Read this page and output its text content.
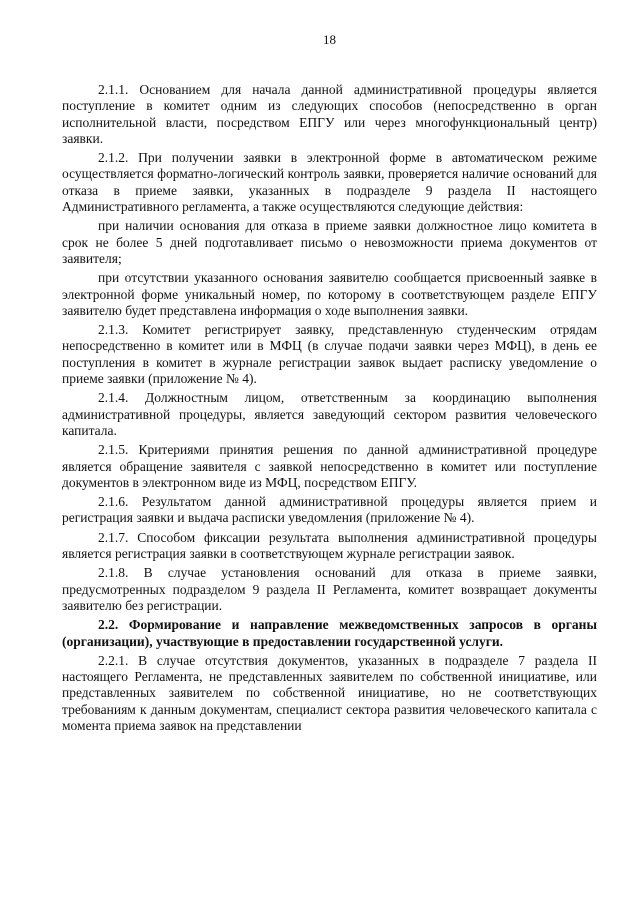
18

2.1.1. Основанием для начала данной административной процедуры является поступление в комитет одним из следующих способов (непосредственно в орган исполнительной власти, посредством ЕПГУ или через многофункциональный центр) заявки.

2.1.2. При получении заявки в электронной форме в автоматическом режиме осуществляется форматно-логический контроль заявки, проверяется наличие оснований для отказа в приеме заявки, указанных в подразделе 9 раздела II настоящего Административного регламента, а также осуществляются следующие действия:

при наличии основания для отказа в приеме заявки должностное лицо комитета в срок не более 5 дней подготавливает письмо о невозможности приема документов от заявителя;

при отсутствии указанного основания заявителю сообщается присвоенный заявке в электронной форме уникальный номер, по которому в соответствующем разделе ЕПГУ заявителю будет представлена информация о ходе выполнения заявки.

2.1.3. Комитет регистрирует заявку, представленную студенческим отрядам непосредственно в комитет или в МФЦ (в случае подачи заявки через МФЦ), в день ее поступления в комитет в журнале регистрации заявок выдает расписку уведомление о приеме заявки (приложение № 4).

2.1.4. Должностным лицом, ответственным за координацию выполнения административной процедуры, является заведующий сектором развития человеческого капитала.

2.1.5. Критериями принятия решения по данной административной процедуре является обращение заявителя с заявкой непосредственно в комитет или поступление документов в электронном виде из МФЦ, посредством ЕПГУ.

2.1.6. Результатом данной административной процедуры является прием и регистрация заявки и выдача расписки уведомления (приложение № 4).

2.1.7. Способом фиксации результата выполнения административной процедуры является регистрация заявки в соответствующем журнале регистрации заявок.

2.1.8. В случае установления оснований для отказа в приеме заявки, предусмотренных подразделом 9 раздела II Регламента, комитет возвращает документы заявителю без регистрации.

2.2. Формирование и направление межведомственных запросов в органы (организации), участвующие в предоставлении государственной услуги.

2.2.1. В случае отсутствия документов, указанных в подразделе 7 раздела II настоящего Регламента, не представленных заявителем по собственной инициативе, или представленных заявителем по собственной инициативе, но не соответствующих требованиям к данным документам, специалист сектора развития человеческого капитала с момента приема заявок на представлении
